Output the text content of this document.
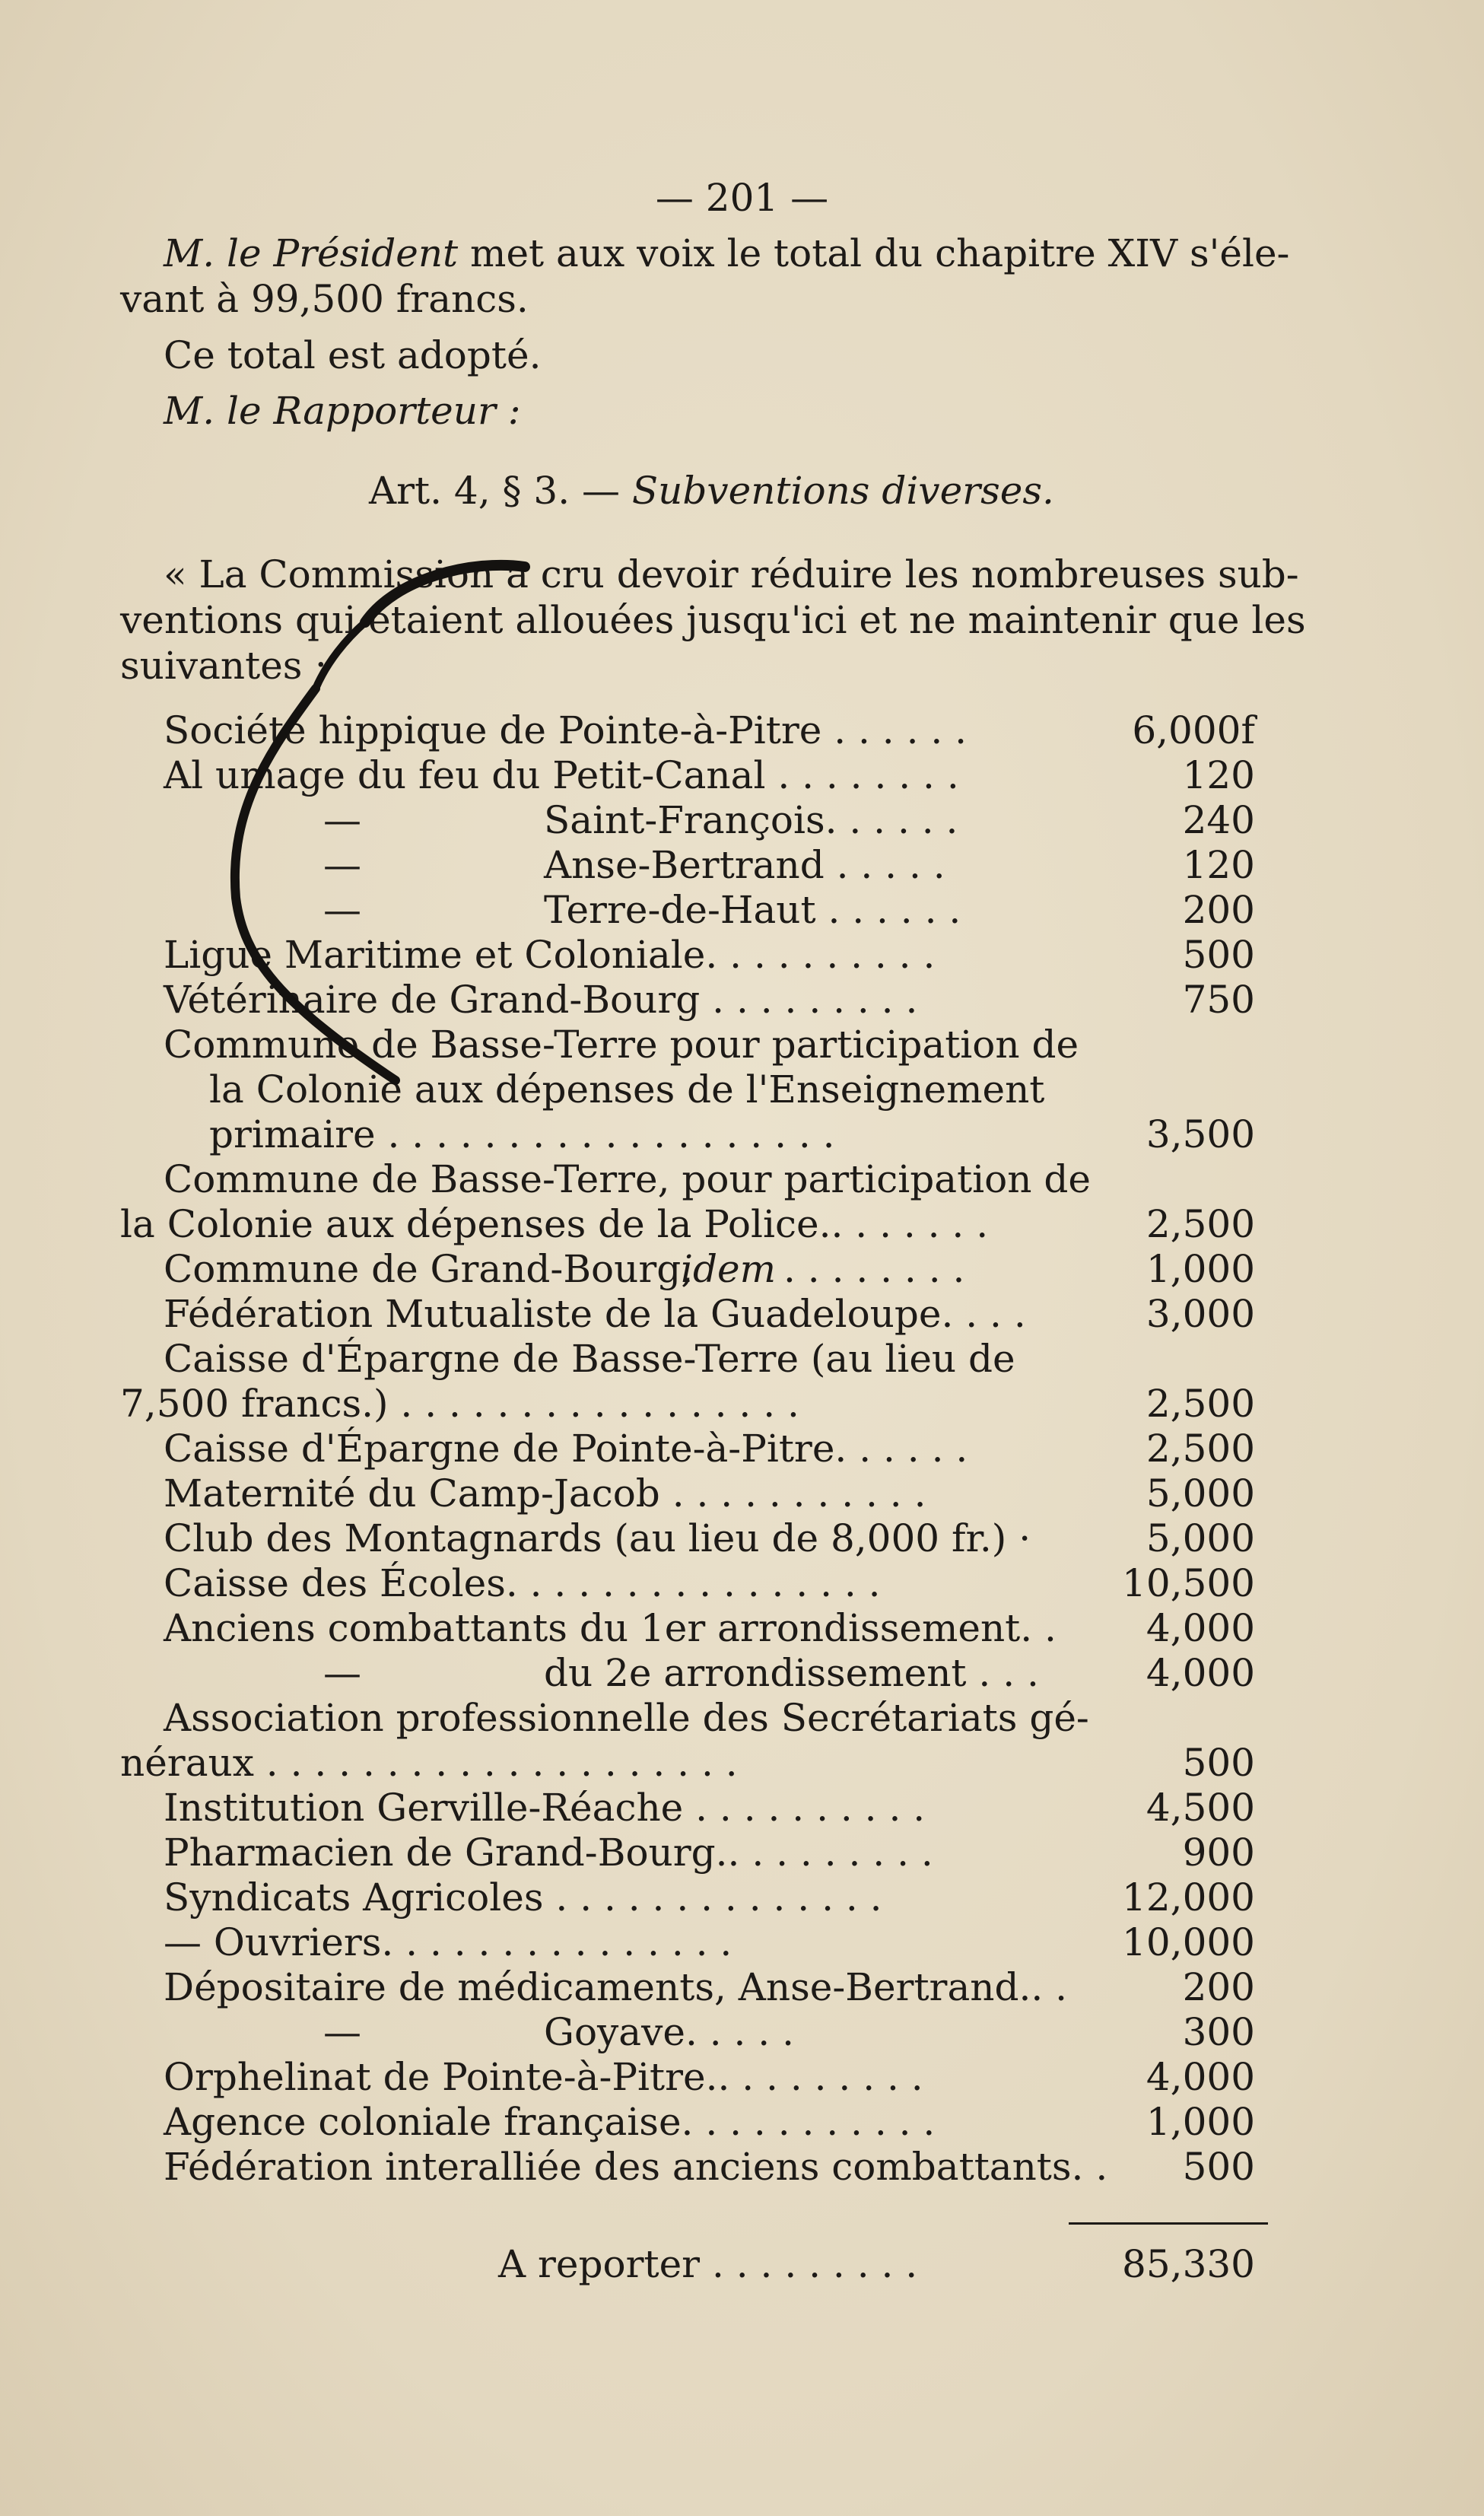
— 201 —
M. le Président met aux voix le total du chapitre XIV s'éle-
vant à 99,500 francs.
Ce total est adopté.
M. le Rapporteur :
Art. 4, § 3. — Subventions diverses.
« La Commission a cru devoir réduire les nombreuses sub-
ventions qui étaient allouées jusqu'ici et ne maintenir que les
suivantes :
Société hippique de Pointe-à-Pitre . . . . . .	6,000f
Al umage du feu du Petit-Canal . . . . . . . .	120
—	Saint-François. . . . . .	240
—	Anse-Bertrand . . . . .	120
—	Terre-de-Haut . . . . . .	200
Ligue Maritime et Coloniale. . . . . . . . . .	500
Vétérinaire de Grand-Bourg . . . . . . . . .	750
Commune de Basse-Terre pour participation de
la Colonie aux dépenses de l'Enseignement
primaire . . . . . . . . . . . . . . . . . . .	3,500
Commune de Basse-Terre, pour participation de
la Colonie aux dépenses de la Police.. . . . . . .	2,500
Commune de Grand-Bourg,
idem . . . . . . . .	1,000
Fédération Mutualiste de la Guadeloupe. . . .	3,000
Caisse d'Épargne de Basse-Terre (au lieu de
7,500 francs.) . . . . . . . . . . . . . . . . .	2,500
Caisse d'Épargne de Pointe-à-Pitre. . . . . .	2,500
Maternité du Camp-Jacob . . . . . . . . . . .	5,000
Club des Montagnards (au lieu de 8,000 fr.) ·	5,000
Caisse des Écoles. . . . . . . . . . . . . . . .	10,500
Anciens combattants du 1er arrondissement. .	4,000
—	du 2e arrondissement . . .	4,000
Association professionnelle des Secrétariats gé-
néraux . . . . . . . . . . . . . . . . . . . .	500
Institution Gerville-Réache . . . . . . . . . .	4,500
Pharmacien de Grand-Bourg.. . . . . . . . .	900
Syndicats Agricoles . . . . . . . . . . . . . .	12,000
— Ouvriers. . . . . . . . . . . . . . .	10,000
Dépositaire de médicaments, Anse-Bertrand.. .	200
—	Goyave. . . . .	300
Orphelinat de Pointe-à-Pitre.. . . . . . . . .	4,000
Agence coloniale française. . . . . . . . . . .	1,000
Fédération interalliée des anciens combattants. .	500
A reporter . . . . . . . . .	85,330
